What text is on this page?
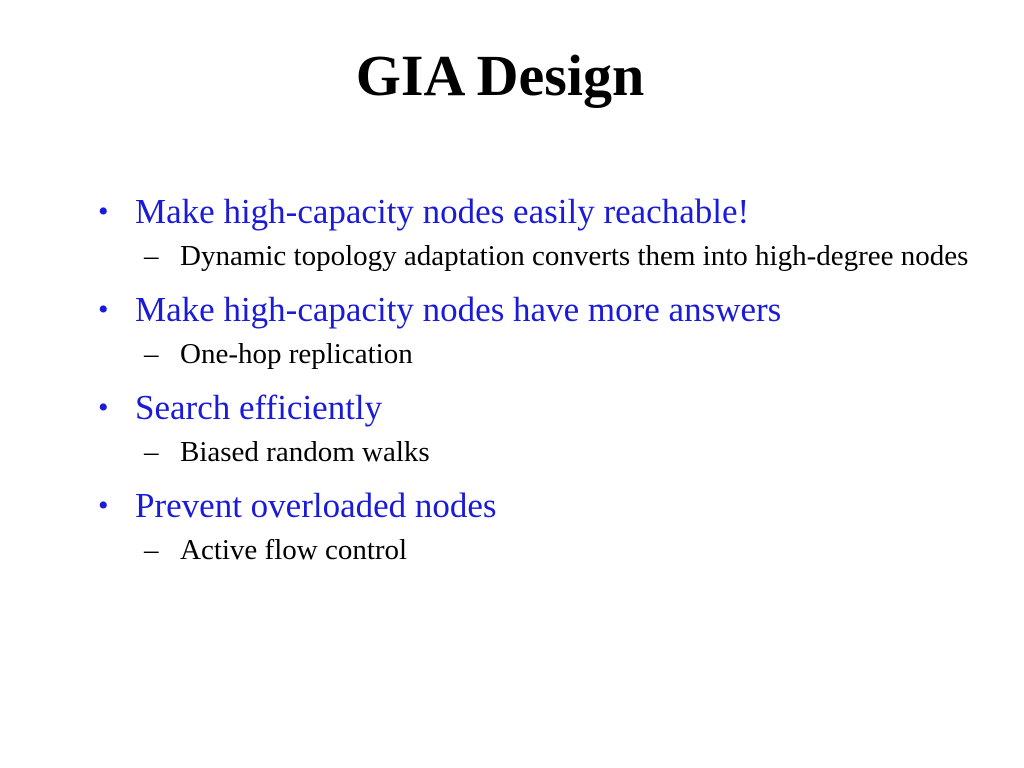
GIA Design
• Make high-capacity nodes easily reachable!
– Dynamic topology adaptation converts them into high-degree nodes
• Make high-capacity nodes have more answers
– One-hop replication
• Search efficiently
– Biased random walks
• Prevent overloaded nodes
– Active flow control
